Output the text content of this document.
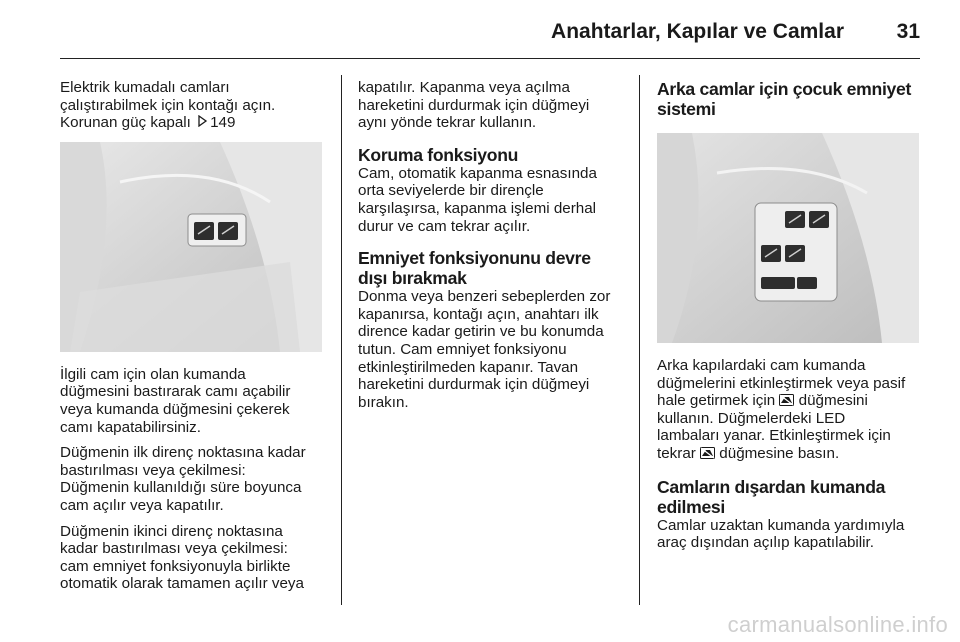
Anahtarlar, Kapılar ve Camlar	31

Elektrik kumadalı camları
çalıştırabilmek için kontağı açın.
Korunan güç kapalı 149

İlgili cam için olan kumanda
düğmesini bastırarak camı açabilir
veya kumanda düğmesini çekerek
camı kapatabilirsiniz.

Düğmenin ilk direnç noktasına kadar
bastırılması veya çekilmesi:
Düğmenin kullanıldığı süre boyunca
cam açılır veya kapatılır.

Düğmenin ikinci direnç noktasına
kadar bastırılması veya çekilmesi:
cam emniyet fonksiyonuyla birlikte
otomatik olarak tamamen açılır veya

kapatılır. Kapanma veya açılma
hareketini durdurmak için düğmeyi
aynı yönde tekrar kullanın.

Koruma fonksiyonu

Cam, otomatik kapanma esnasında
orta seviyelerde bir dirençle
karşılaşırsa, kapanma işlemi derhal
durur ve cam tekrar açılır.

Emniyet fonksiyonunu devre
dışı bırakmak

Donma veya benzeri sebeplerden zor
kapanırsa, kontağı açın, anahtarı ilk
dirence kadar getirin ve bu konumda
tutun. Cam emniyet fonksiyonu
etkinleştirilmeden kapanır. Tavan
hareketini durdurmak için düğmeyi
bırakın.

Arka camlar için çocuk emniyet
sistemi

Arka kapılardaki cam kumanda
düğmelerini etkinleştirmek veya pasif
hale getirmek için düğmesini
kullanın. Düğmelerdeki LED
lambaları yanar. Etkinleştirmek için
tekrar düğmesine basın.

Camların dışardan kumanda
edilmesi

Camlar uzaktan kumanda yardımıyla
araç dışından açılıp kapatılabilir.

carmanualsonline.info
